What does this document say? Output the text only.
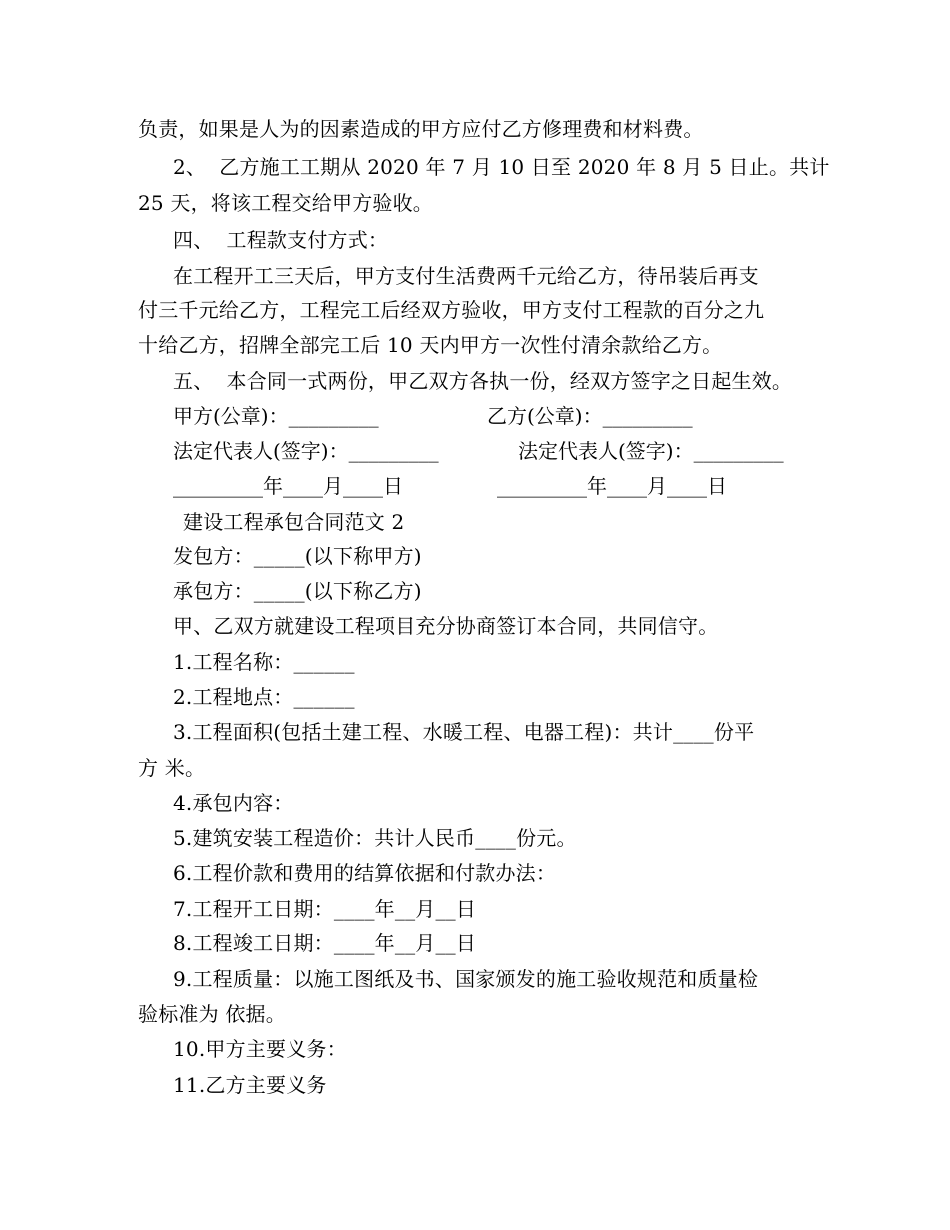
负责，如果是人为的因素造成的甲方应付乙方修理费和材料费。
2、  乙方施工工期从 2020 年 7 月 10 日至 2020 年 8 月 5 日止。共计
25 天，将该工程交给甲方验收。
四、  工程款支付方式：
在工程开工三天后，甲方支付生活费两千元给乙方，待吊装后再支
付三千元给乙方，工程完工后经双方验收，甲方支付工程款的百分之九
十给乙方，招牌全部完工后 10 天内甲方一次性付清余款给乙方。
五、  本合同一式两份，甲乙双方各执一份，经双方签字之日起生效。
甲方(公章)：_________	乙方(公章)：_________
法定代表人(签字)：_________	法定代表人(签字)：_________
_________年____月____日	_________年____月____日
建设工程承包合同范文 2
发包方：_____(以下称甲方)
承包方：_____(以下称乙方)
甲、乙双方就建设工程项目充分协商签订本合同，共同信守。
1.工程名称：______
2.工程地点：______
3.工程面积(包括土建工程、水暖工程、电器工程)：共计____份平
方 米。
4.承包内容：
5.建筑安装工程造价：共计人民币____份元。
6.工程价款和费用的结算依据和付款办法：
7.工程开工日期：____年__月__日
8.工程竣工日期：____年__月__日
9.工程质量：以施工图纸及书、国家颁发的施工验收规范和质量检
验标准为 依据。
10.甲方主要义务：
11.乙方主要义务
